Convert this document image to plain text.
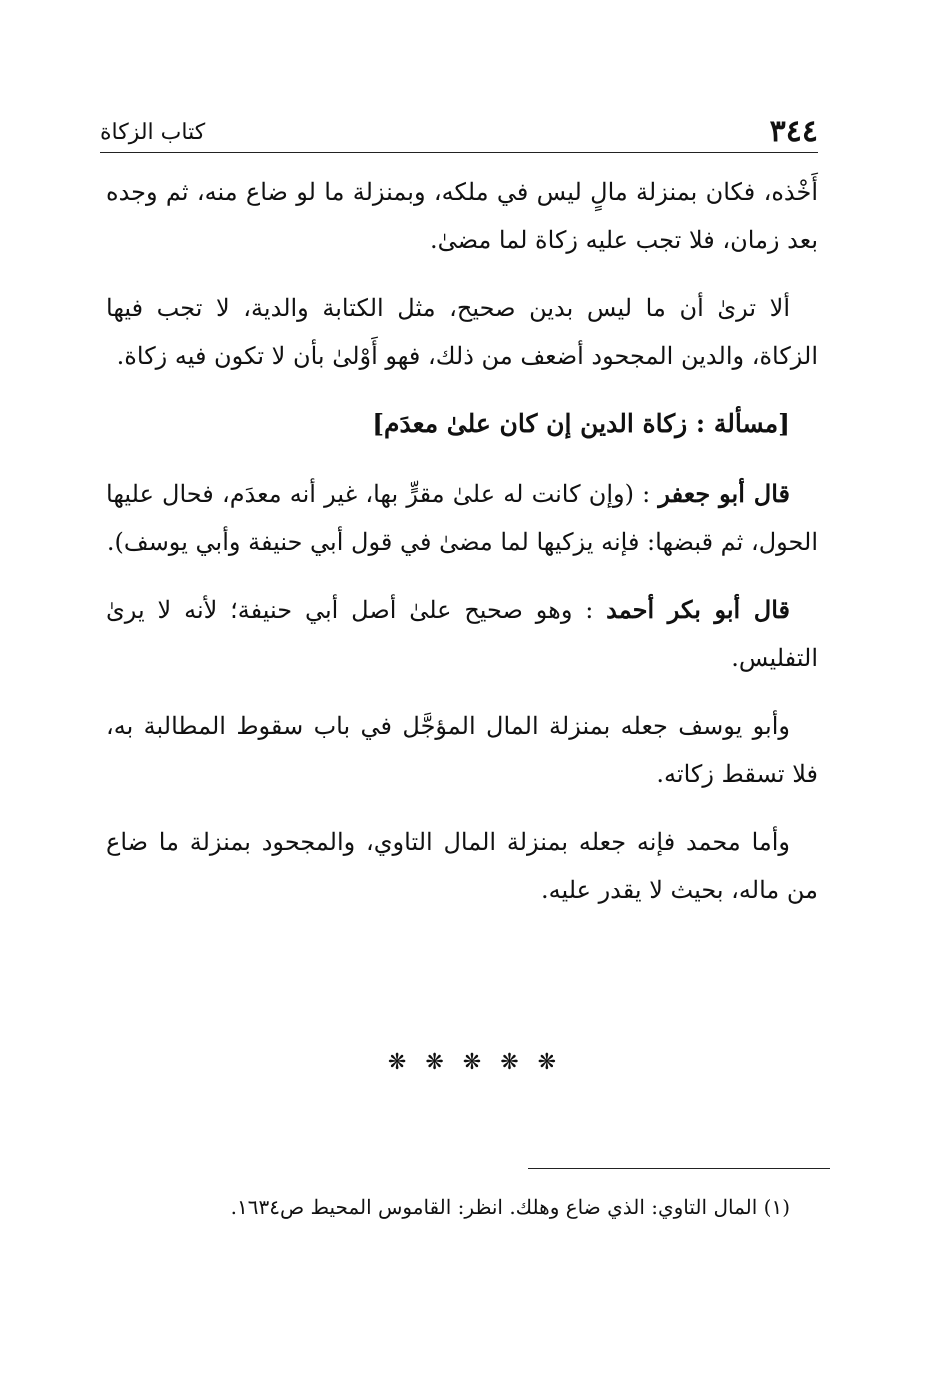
٣٤٤
كتاب الزكاة

أَخْذه، فكان بمنزلة مالٍ ليس في ملكه، وبمنزلة ما لو ضاع منه، ثم وجده بعد زمان، فلا تجب عليه زكاة لما مضىٰ.

ألا ترىٰ أن ما ليس بدين صحيح، مثل الكتابة والدية، لا تجب فيها الزكاة، والدين المجحود أضعف من ذلك، فهو أَوْلىٰ بأن لا تكون فيه زكاة.

[مسألة : زكاة الدين إن كان علىٰ معدَم]

قال أبو جعفر : (وإن كانت له علىٰ مقرٍّ بها، غير أنه معدَم، فحال عليها الحول، ثم قبضها: فإنه يزكيها لما مضىٰ في قول أبي حنيفة وأبي يوسف).

قال أبو بكر أحمد : وهو صحيح علىٰ أصل أبي حنيفة؛ لأنه لا يرىٰ التفليس.

وأبو يوسف جعله بمنزلة المال المؤجَّل في باب سقوط المطالبة به، فلا تسقط زكاته.

وأما محمد فإنه جعله بمنزلة المال التاوي، والمجحود بمنزلة ما ضاع من ماله، بحيث لا يقدر عليه.

❋ ❋ ❋ ❋ ❋
(١) المال التاوي: الذي ضاع وهلك. انظر: القاموس المحيط ص١٦٣٤.
